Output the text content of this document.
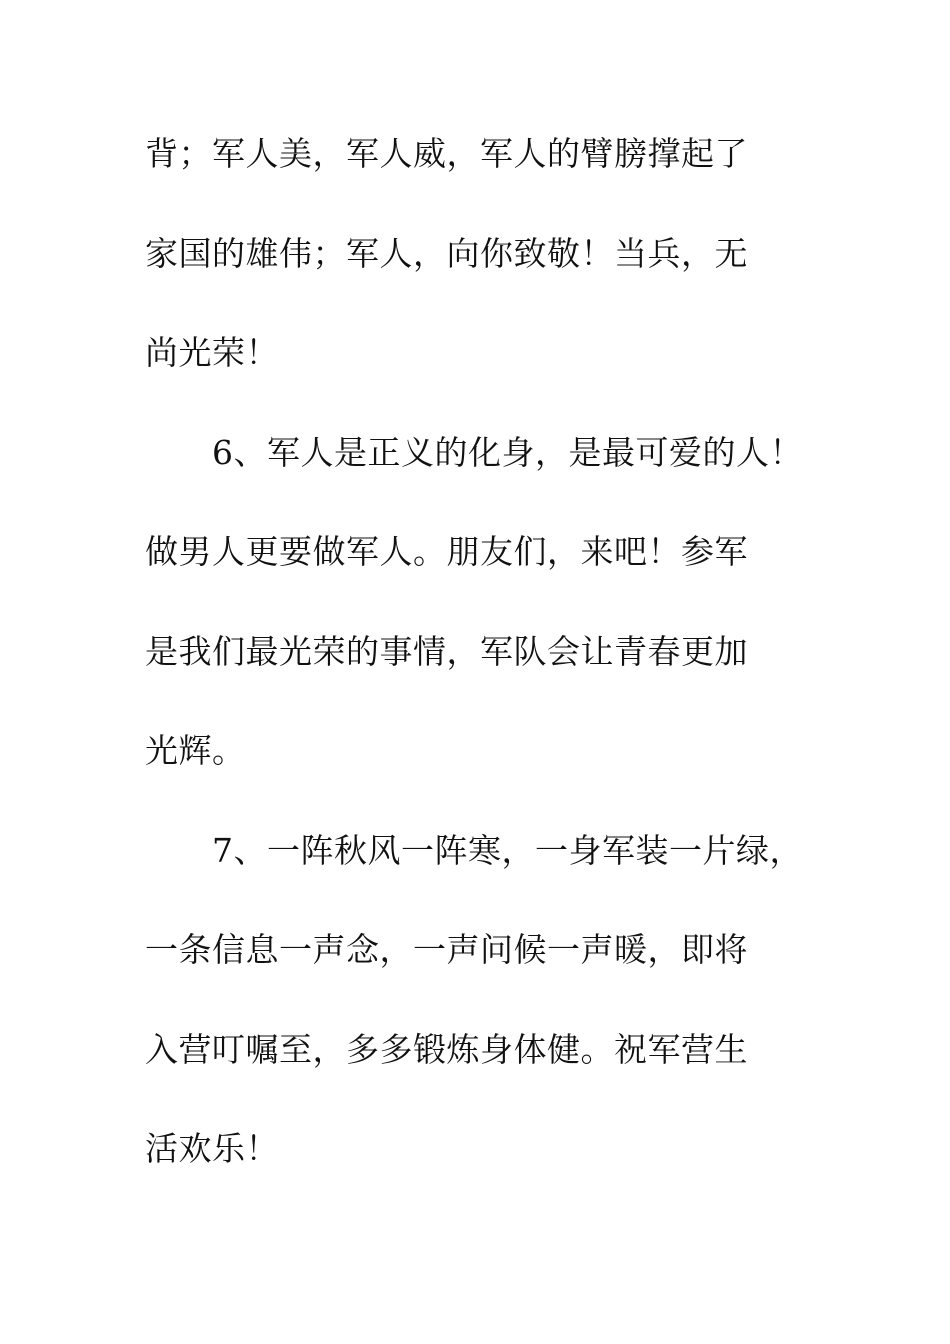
背；军人美，军人威，军人的臂膀撑起了
家国的雄伟；军人，向你致敬！当兵，无
尚光荣！
6、军人是正义的化身，是最可爱的人！
做男人更要做军人。朋友们，来吧！参军
是我们最光荣的事情，军队会让青春更加
光辉。
7、一阵秋风一阵寒，一身军装一片绿，
一条信息一声念，一声问候一声暖，即将
入营叮嘱至，多多锻炼身体健。祝军营生
活欢乐！
